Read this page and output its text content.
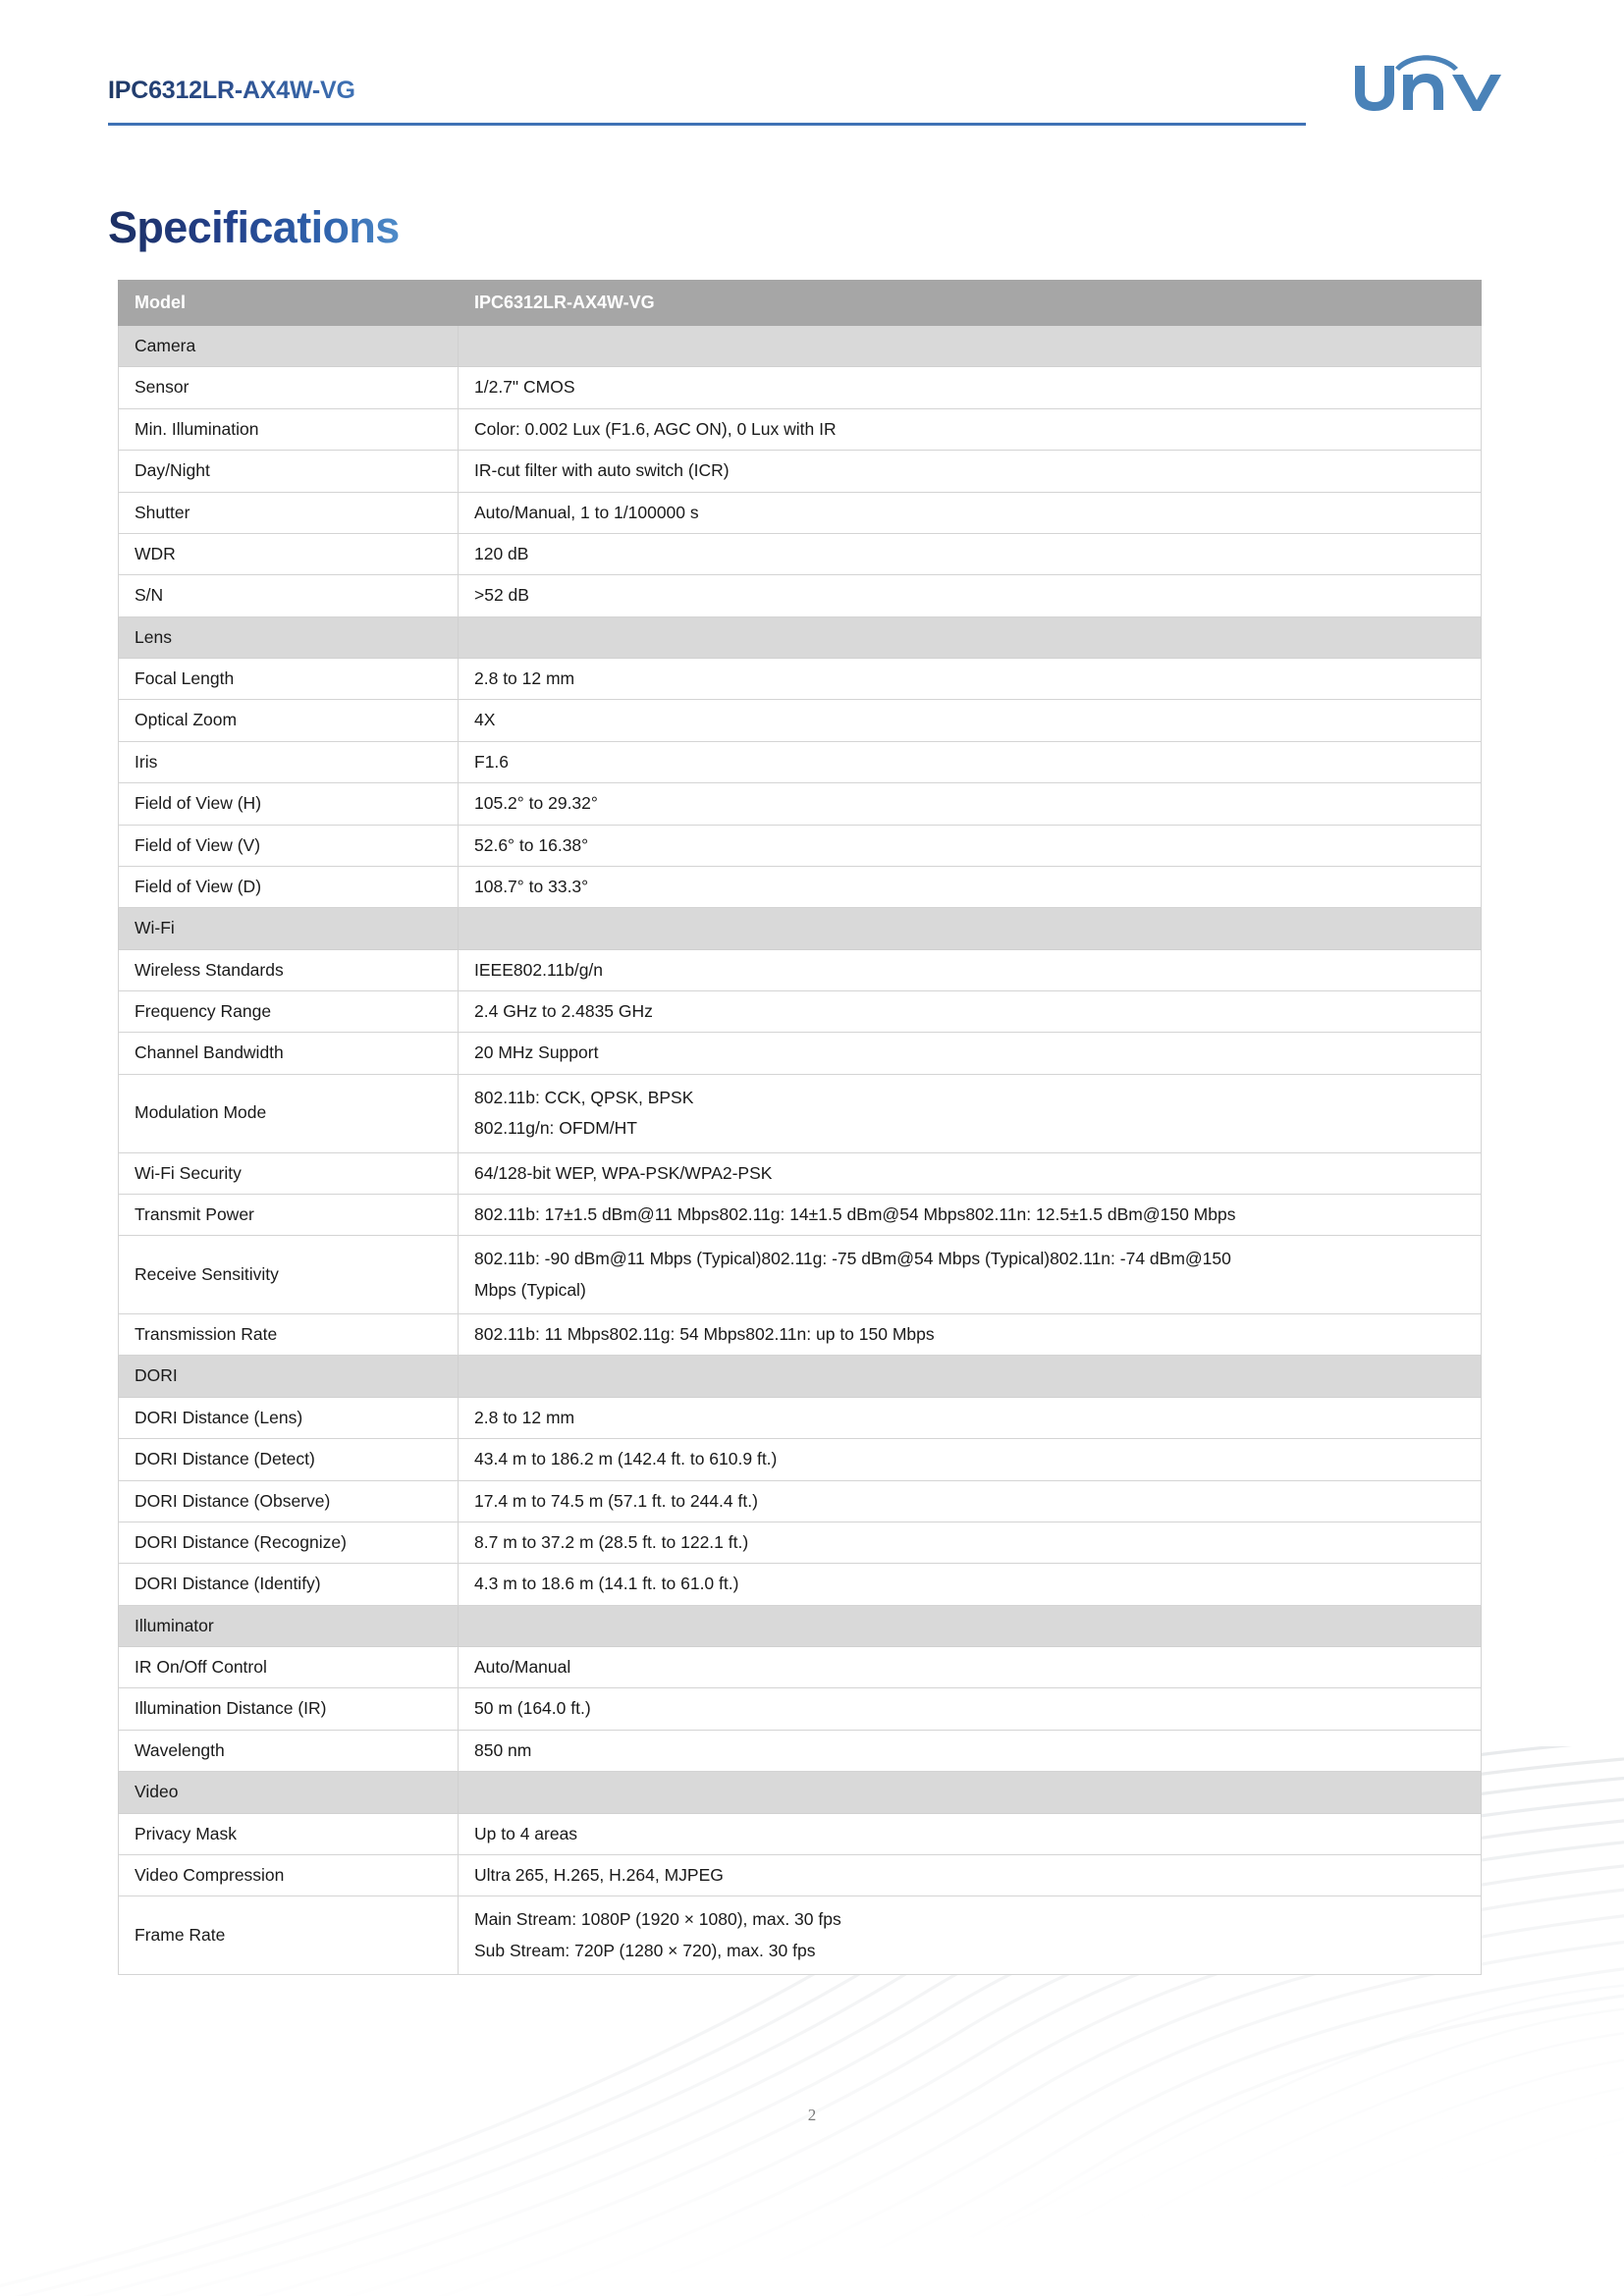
IPC6312LR-AX4W-VG
Specifications
Model	IPC6312LR-AX4W-VG
Camera	
Sensor	1/2.7" CMOS
Min. Illumination	Color: 0.002 Lux (F1.6, AGC ON), 0 Lux with IR
Day/Night	IR-cut filter with auto switch (ICR)
Shutter	Auto/Manual, 1 to 1/100000 s
WDR	120 dB
S/N	>52 dB
Lens	
Focal Length	2.8 to 12 mm
Optical Zoom	4X
Iris	F1.6
Field of View (H)	105.2° to 29.32°
Field of View (V)	52.6° to 16.38°
Field of View (D)	108.7° to 33.3°
Wi-Fi	
Wireless Standards	IEEE802.11b/g/n
Frequency Range	2.4 GHz to 2.4835 GHz
Channel Bandwidth	20 MHz Support
Modulation Mode	802.11b: CCK, QPSK, BPSK
802.11g/n: OFDM/HT

Wi-Fi Security	64/128-bit WEP, WPA-PSK/WPA2-PSK
Transmit Power	802.11b: 17±1.5 dBm@11 Mbps802.11g: 14±1.5 dBm@54 Mbps802.11n: 12.5±1.5 dBm@150 Mbps
Receive Sensitivity	802.11b: -90 dBm@11 Mbps (Typical)802.11g: -75 dBm@54 Mbps (Typical)802.11n: -74 dBm@150
Mbps (Typical)

Transmission Rate	802.11b: 11 Mbps802.11g: 54 Mbps802.11n: up to 150 Mbps
DORI	
DORI Distance (Lens)	2.8 to 12 mm
DORI Distance (Detect)	43.4 m to 186.2 m (142.4 ft. to 610.9 ft.)
DORI Distance (Observe)	17.4 m to 74.5 m (57.1 ft. to 244.4 ft.)
DORI Distance (Recognize)	8.7 m to 37.2 m (28.5 ft. to 122.1 ft.)
DORI Distance (Identify)	4.3 m to 18.6 m (14.1 ft. to 61.0 ft.)
Illuminator	
IR On/Off Control	Auto/Manual
Illumination Distance (IR)	50 m (164.0 ft.)
Wavelength	850 nm
Video	
Privacy Mask	Up to 4 areas
Video Compression	Ultra 265, H.265, H.264, MJPEG
Frame Rate	Main Stream: 1080P (1920 × 1080), max. 30 fps
Sub Stream: 720P (1280 × 720), max. 30 fps
2
